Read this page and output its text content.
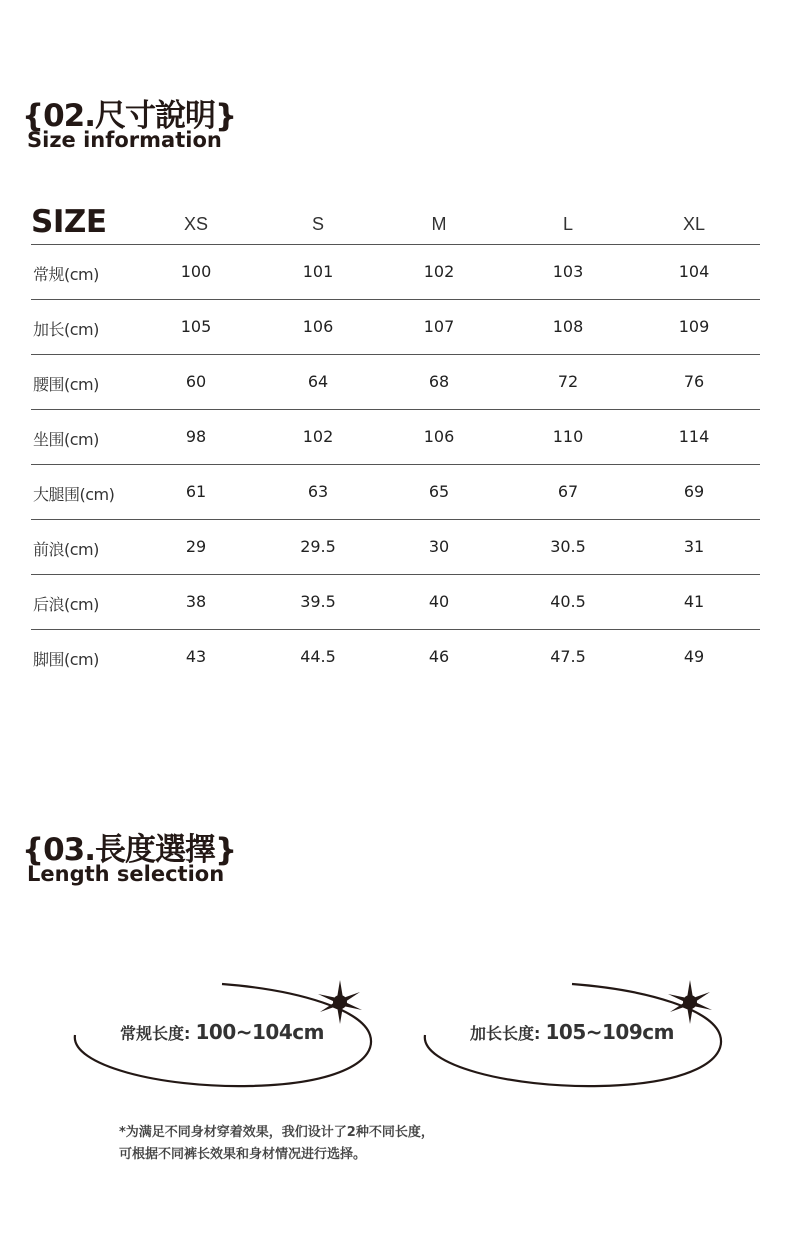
{02.尺寸說明}
Size information
SIZE	XS	S	M	L	XL
常规(cm)	100	101	102	103	104
加长(cm)	105	106	107	108	109
腰围(cm)	60	64	68	72	76
坐围(cm)	98	102	106	110	114
大腿围(cm)	61	63	65	67	69
前浪(cm)	29	29.5	30	30.5	31
后浪(cm)	38	39.5	40	40.5	41
脚围(cm)	43	44.5	46	47.5	49
{03.長度選擇}
Length selection
常规长度: 100~104cm	加长长度: 105~109cm
*为满足不同身材穿着效果，我们设计了2种不同长度，
可根据不同裤长效果和身材情况进行选择。
